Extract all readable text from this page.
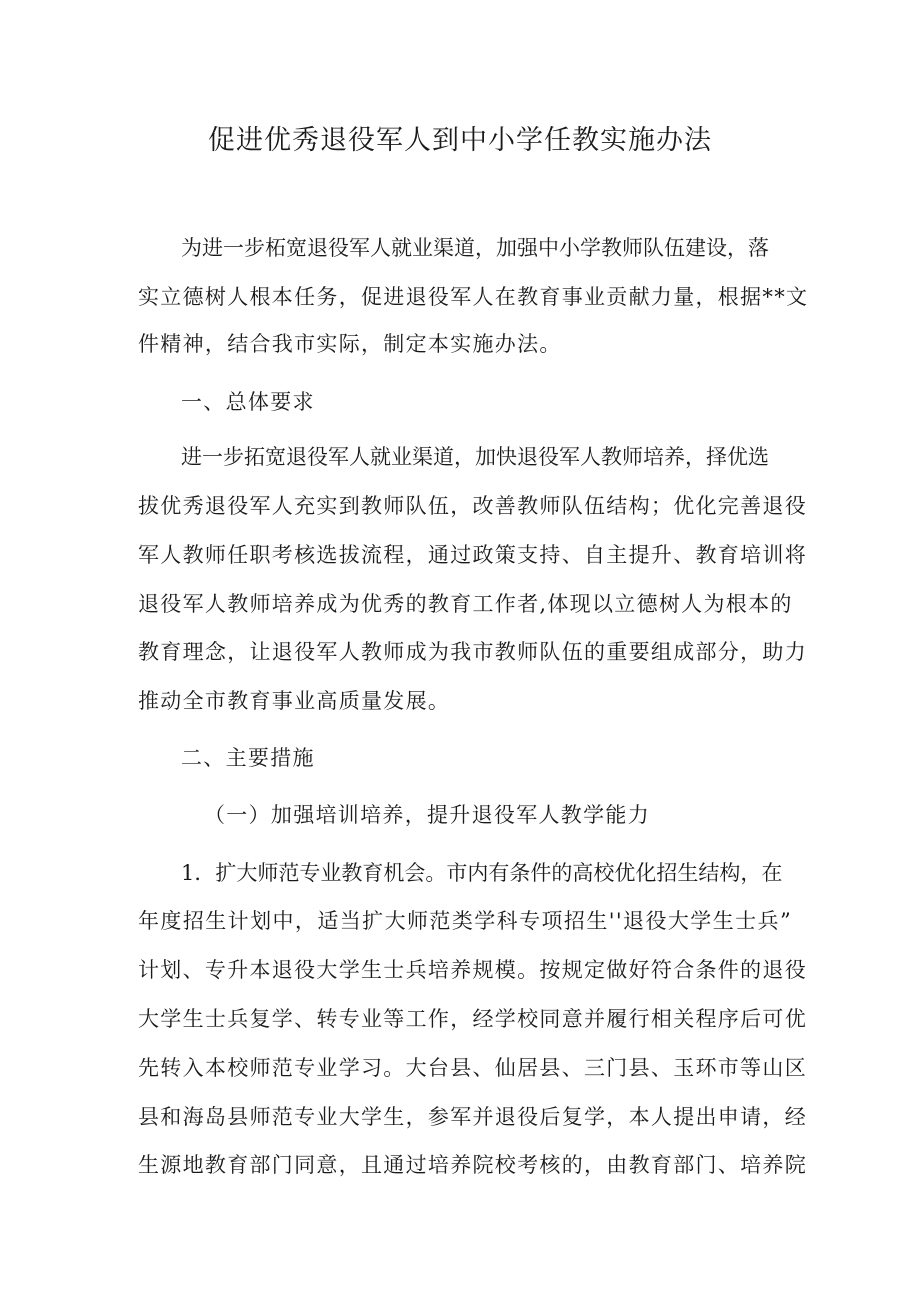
促进优秀退役军人到中小学任教实施办法
为进一步柘宽退役军人就业渠道，加强中小学教师队伍建设，落
实立德树人根本任务，促进退役军人在教育事业贡献力量，根据**文
件精神，结合我市实际，制定本实施办法。
一、总体要求
进一步拓宽退役军人就业渠道，加快退役军人教师培养，择优选
拔优秀退役军人充实到教师队伍，改善教师队伍结构；优化完善退役
军人教师任职考核选拔流程，通过政策支持、自主提升、教育培训将
退役军人教师培养成为优秀的教育工作者,体现以立德树人为根本的
教育理念，让退役军人教师成为我市教师队伍的重要组成部分，助力
推动全市教育事业高质量发展。
二、主要措施
（一）加强培训培养，提升退役军人教学能力
1．扩大师范专业教育机会。市内有条件的高校优化招生结构，在
年度招生计划中，适当扩大师范类学科专项招生''退役大学生士兵”
计划、专升本退役大学生士兵培养规模。按规定做好符合条件的退役
大学生士兵复学、转专业等工作，经学校同意并履行相关程序后可优
先转入本校师范专业学习。大台县、仙居县、三门县、玉环市等山区
县和海岛县师范专业大学生，参军并退役后复学，本人提出申请，经
生源地教育部门同意，且通过培养院校考核的，由教育部门、培养院
